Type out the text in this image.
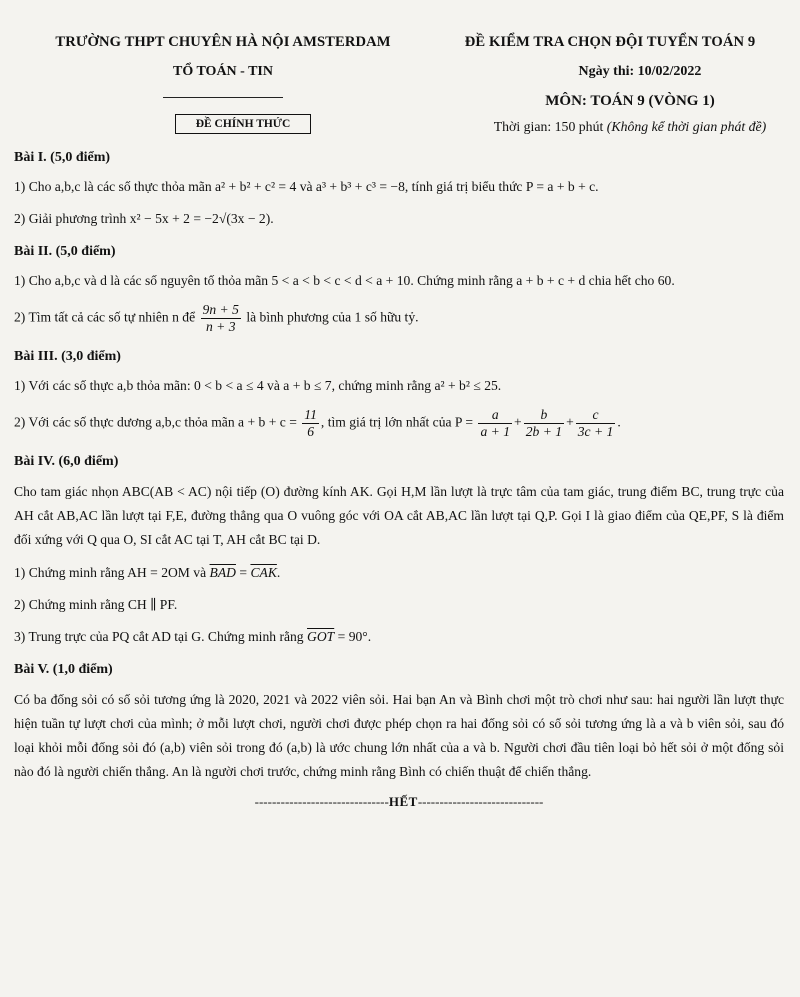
TRƯỜNG THPT CHUYÊN HÀ NỘI AMSTERDAM
TỔ TOÁN - TIN
ĐỀ CHÍNH THỨC
ĐỀ KIỂM TRA CHỌN ĐỘI TUYỂN TOÁN 9
Ngày thi: 10/02/2022
MÔN: TOÁN 9 (VÒNG 1)
Thời gian: 150 phút (Không kể thời gian phát đề)
Bài I. (5,0 điểm)

1) Cho a,b,c là các số thực thỏa mãn a² + b² + c² = 4 và a³ + b³ + c³ = −8, tính giá trị biểu thức P = a + b + c.

2) Giải phương trình x² − 5x + 2 = −2√(3x − 2).

Bài II. (5,0 điểm)

1) Cho a,b,c và d là các số nguyên tố thỏa mãn 5 < a < b < c < d < a + 10. Chứng minh rằng a + b + c + d chia hết cho 60.

2) Tìm tất cả các số tự nhiên n để $\frac{9n + 5}{n + 3}$ là bình phương của 1 số hữu tỷ.

Bài III. (3,0 điểm)

1) Với các số thực a,b thỏa mãn: 0 < b < a ≤ 4 và a + b ≤ 7, chứng minh rằng a² + b² ≤ 25.

2) Với các số thực dương a,b,c thỏa mãn $a + b + c = \frac{11}{6}$ , tìm giá trị lớn nhất của $P = \frac{a}{a + 1} + \frac{b}{2b + 1} + \frac{c}{3c + 1}$ .

Bài IV. (6,0 điểm)

Cho tam giác nhọn ABC(AB < AC) nội tiếp (O) đường kính AK. Gọi H,M lần lượt là trực tâm của tam giác, trung điểm BC, trung trực của AH cắt AB,AC lần lượt tại F,E, đường thẳng qua O vuông góc với OA cắt AB,AC lần lượt tại Q,P. Gọi I là giao điểm của QE,PF, S là điểm đối xứng với Q qua O, SI cắt AC tại T, AH cắt BC tại D.

1) Chứng minh rằng AH = 2OM và $\overline{BAD} = \overline{CAK}$.

2) Chứng minh rằng CH ∥ PF.

3) Trung trực của PQ cắt AD tại G. Chứng minh rằng $\overline{GOT} = 90^\circ$.

Bài V. (1,0 điểm)

Có ba đống sỏi có số sỏi tương ứng là 2020, 2021 và 2022 viên sỏi. Hai bạn An và Bình chơi một trò chơi như sau: hai người lần lượt thực hiện tuần tự lượt chơi của mình; ở mỗi lượt chơi, người chơi được phép chọn ra hai đống sỏi có số sỏi tương ứng là a và b viên sỏi, sau đó loại khỏi mỗi đống sỏi đó (a,b) viên sỏi trong đó (a,b) là ước chung lớn nhất của a và b. Người chơi đầu tiên loại bỏ hết sỏi ở một đống sỏi nào đó là người chiến thắng. An là người chơi trước, chứng minh rằng Bình có chiến thuật để chiến thắng.

-------------------------------HẾT-----------------------------
